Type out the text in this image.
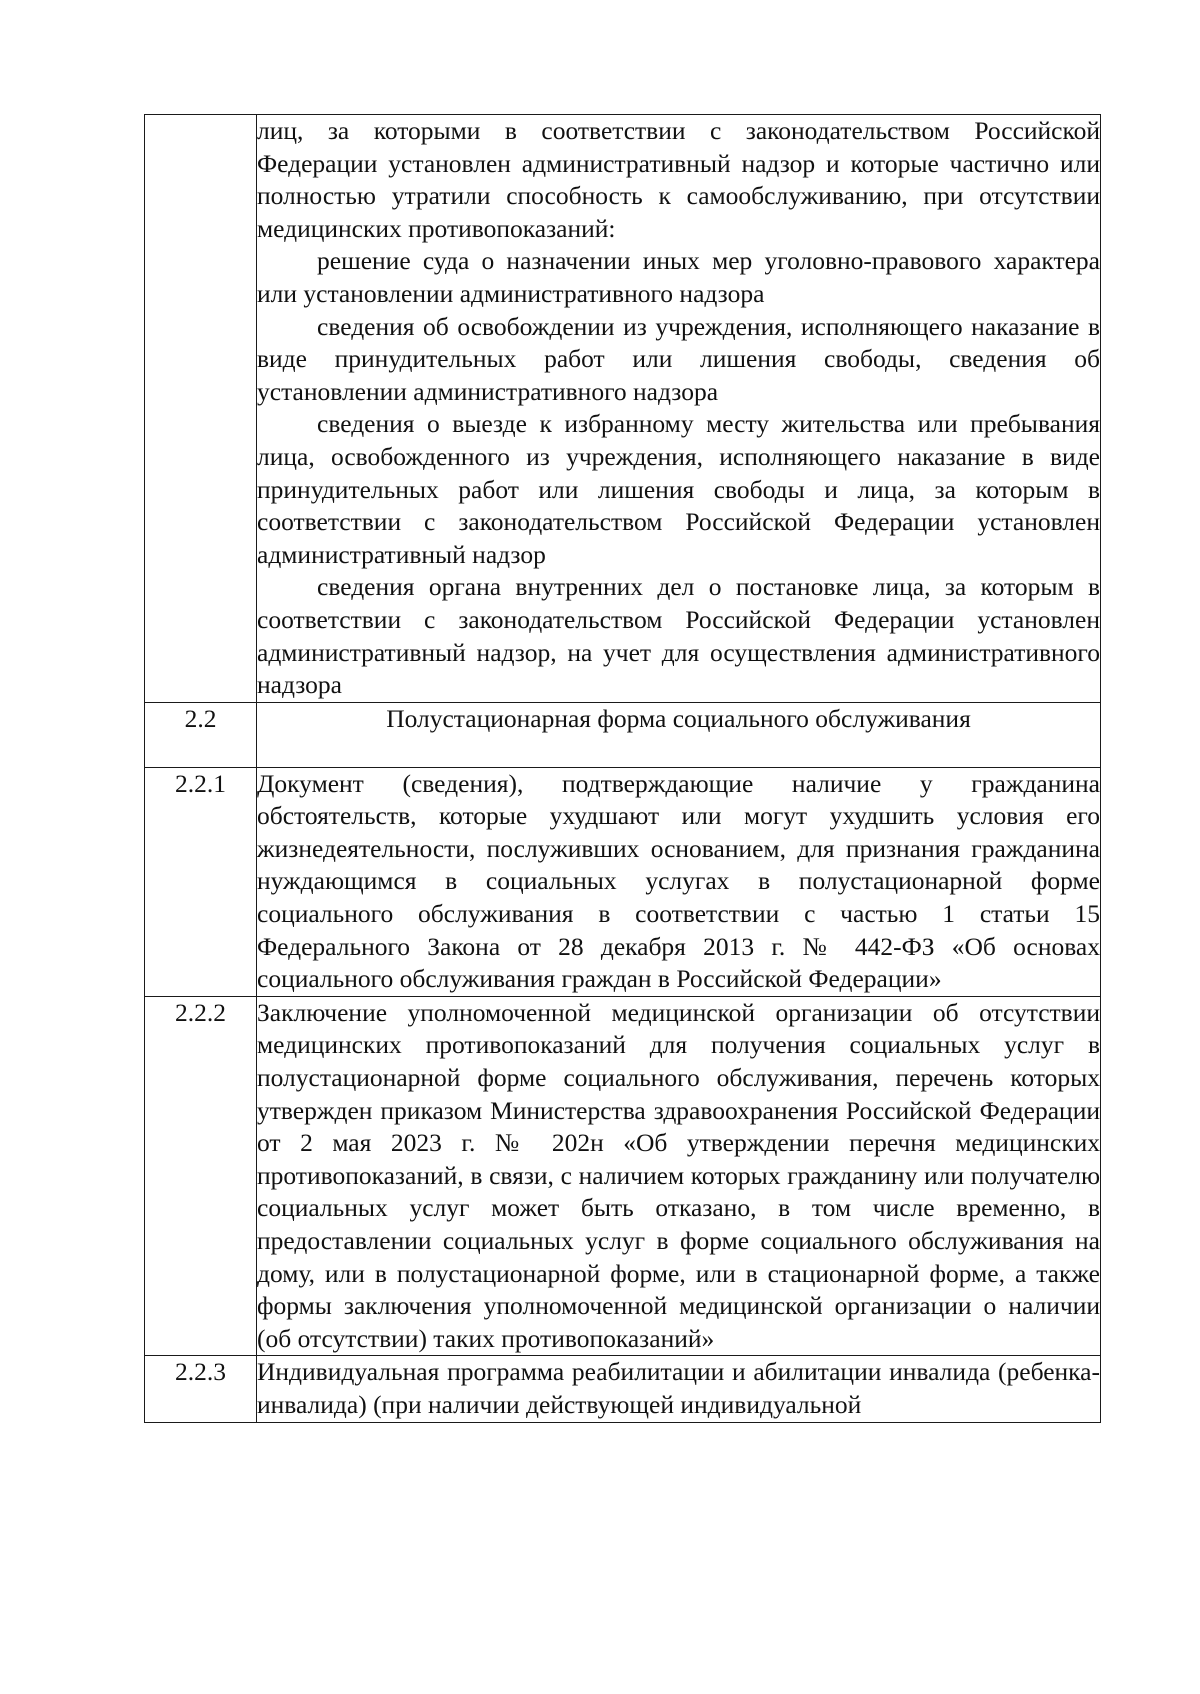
	лиц, за которыми в соответствии с законодательством Российской Федерации установлен административный надзор и которые частично или полностью утратили способность к самообслуживанию, при отсутствии медицинских противопоказаний:

решение суда о назначении иных мер уголовно-правового характера или установлении административного надзора

сведения об освобождении из учреждения, исполняющего наказание в виде принудительных работ или лишения свободы, сведения об установлении административного надзора

сведения о выезде к избранному месту жительства или пребывания лица, освобожденного из учреждения, исполняющего наказание в виде принудительных работ или лишения свободы и лица, за которым в соответствии с законодательством Российской Федерации установлен административный надзор

сведения органа внутренних дел о постановке лица, за которым в соответствии с законодательством Российской Федерации установлен административный надзор, на учет для осуществления административного надзора

2.2	Полустационарная форма социального обслуживания
2.2.1	Документ (сведения), подтверждающие наличие у гражданина обстоятельств, которые ухудшают или могут ухудшить условия его жизнедеятельности, послуживших основанием, для признания гражданина нуждающимся в социальных услугах в полустационарной форме социального обслуживания в соответствии с частью 1 статьи 15 Федерального Закона от 28 декабря 2013 г. № 442-ФЗ «Об основах социального обслуживания граждан в Российской Федерации»

2.2.2	Заключение уполномоченной медицинской организации об отсутствии медицинских противопоказаний для получения социальных услуг в полустационарной форме социального обслуживания, перечень которых утвержден приказом Министерства здравоохранения Российской Федерации от 2 мая 2023 г. № 202н «Об утверждении перечня медицинских противопоказаний, в связи, с наличием которых гражданину или получателю социальных услуг может быть отказано, в том числе временно, в предоставлении социальных услуг в форме социального обслуживания на дому, или в полустационарной форме, или в стационарной форме, а также формы заключения уполномоченной медицинской организации о наличии (об отсутствии) таких противопоказаний»

2.2.3	Индивидуальная программа реабилитации и абилитации инвалида (ребенка-инвалида) (при наличии действующей индивидуальной
